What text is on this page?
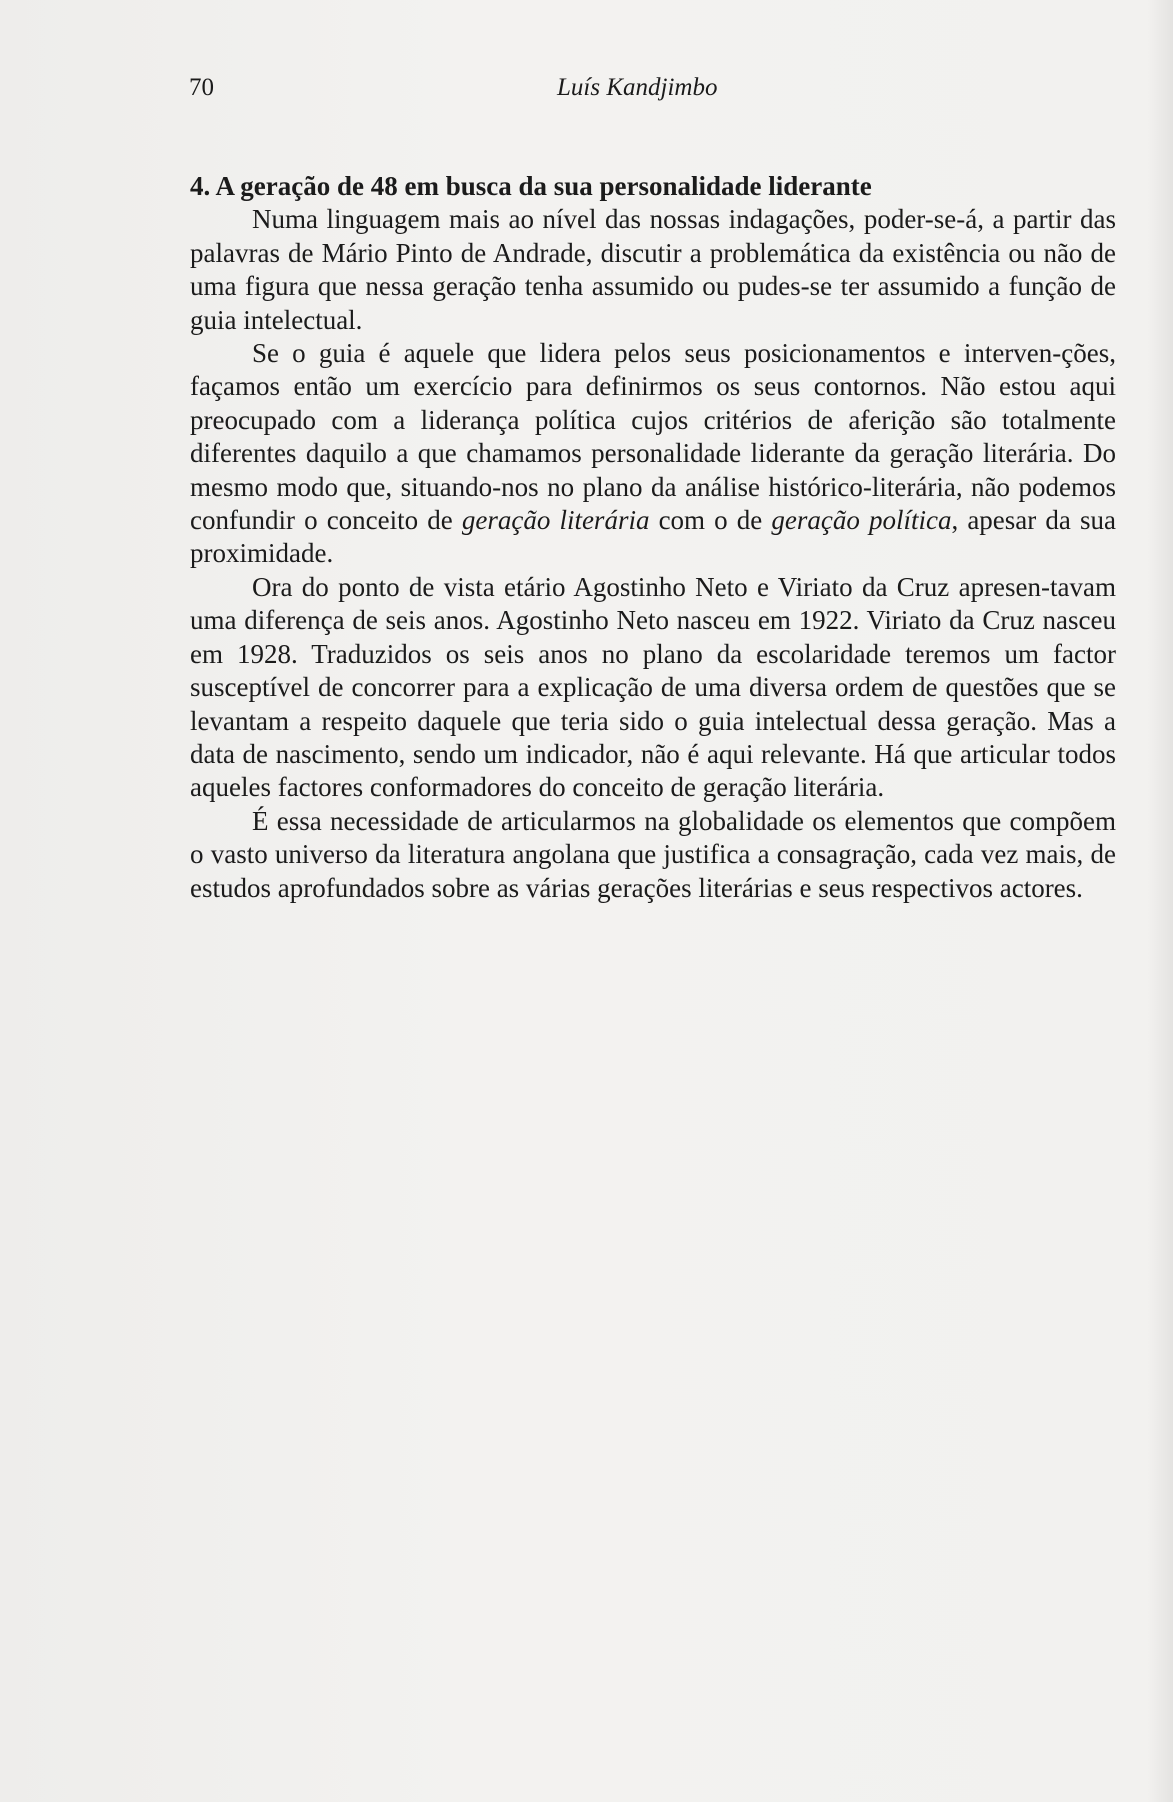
70	Luís Kandjimbo

4. A geração de 48 em busca da sua personalidade liderante

Numa linguagem mais ao nível das nossas indagações, poder-se-á, a partir das palavras de Mário Pinto de Andrade, discutir a problemática da existência ou não de uma figura que nessa geração tenha assumido ou pudes-se ter assumido a função de guia intelectual.

Se o guia é aquele que lidera pelos seus posicionamentos e interven-ções, façamos então um exercício para definirmos os seus contornos. Não estou aqui preocupado com a liderança política cujos critérios de aferição são totalmente diferentes daquilo a que chamamos personalidade liderante da geração literária. Do mesmo modo que, situando-nos no plano da análise histórico-literária, não podemos confundir o conceito de geração literária com o de geração política, apesar da sua proximidade.

Ora do ponto de vista etário Agostinho Neto e Viriato da Cruz apresen-tavam uma diferença de seis anos. Agostinho Neto nasceu em 1922. Viriato da Cruz nasceu em 1928. Traduzidos os seis anos no plano da escolaridade teremos um factor susceptível de concorrer para a explicação de uma diversa ordem de questões que se levantam a respeito daquele que teria sido o guia intelectual dessa geração. Mas a data de nascimento, sendo um indicador, não é aqui relevante. Há que articular todos aqueles factores conformadores do conceito de geração literária.

É essa necessidade de articularmos na globalidade os elementos que compõem o vasto universo da literatura angolana que justifica a consagração, cada vez mais, de estudos aprofundados sobre as várias gerações literárias e seus respectivos actores.
